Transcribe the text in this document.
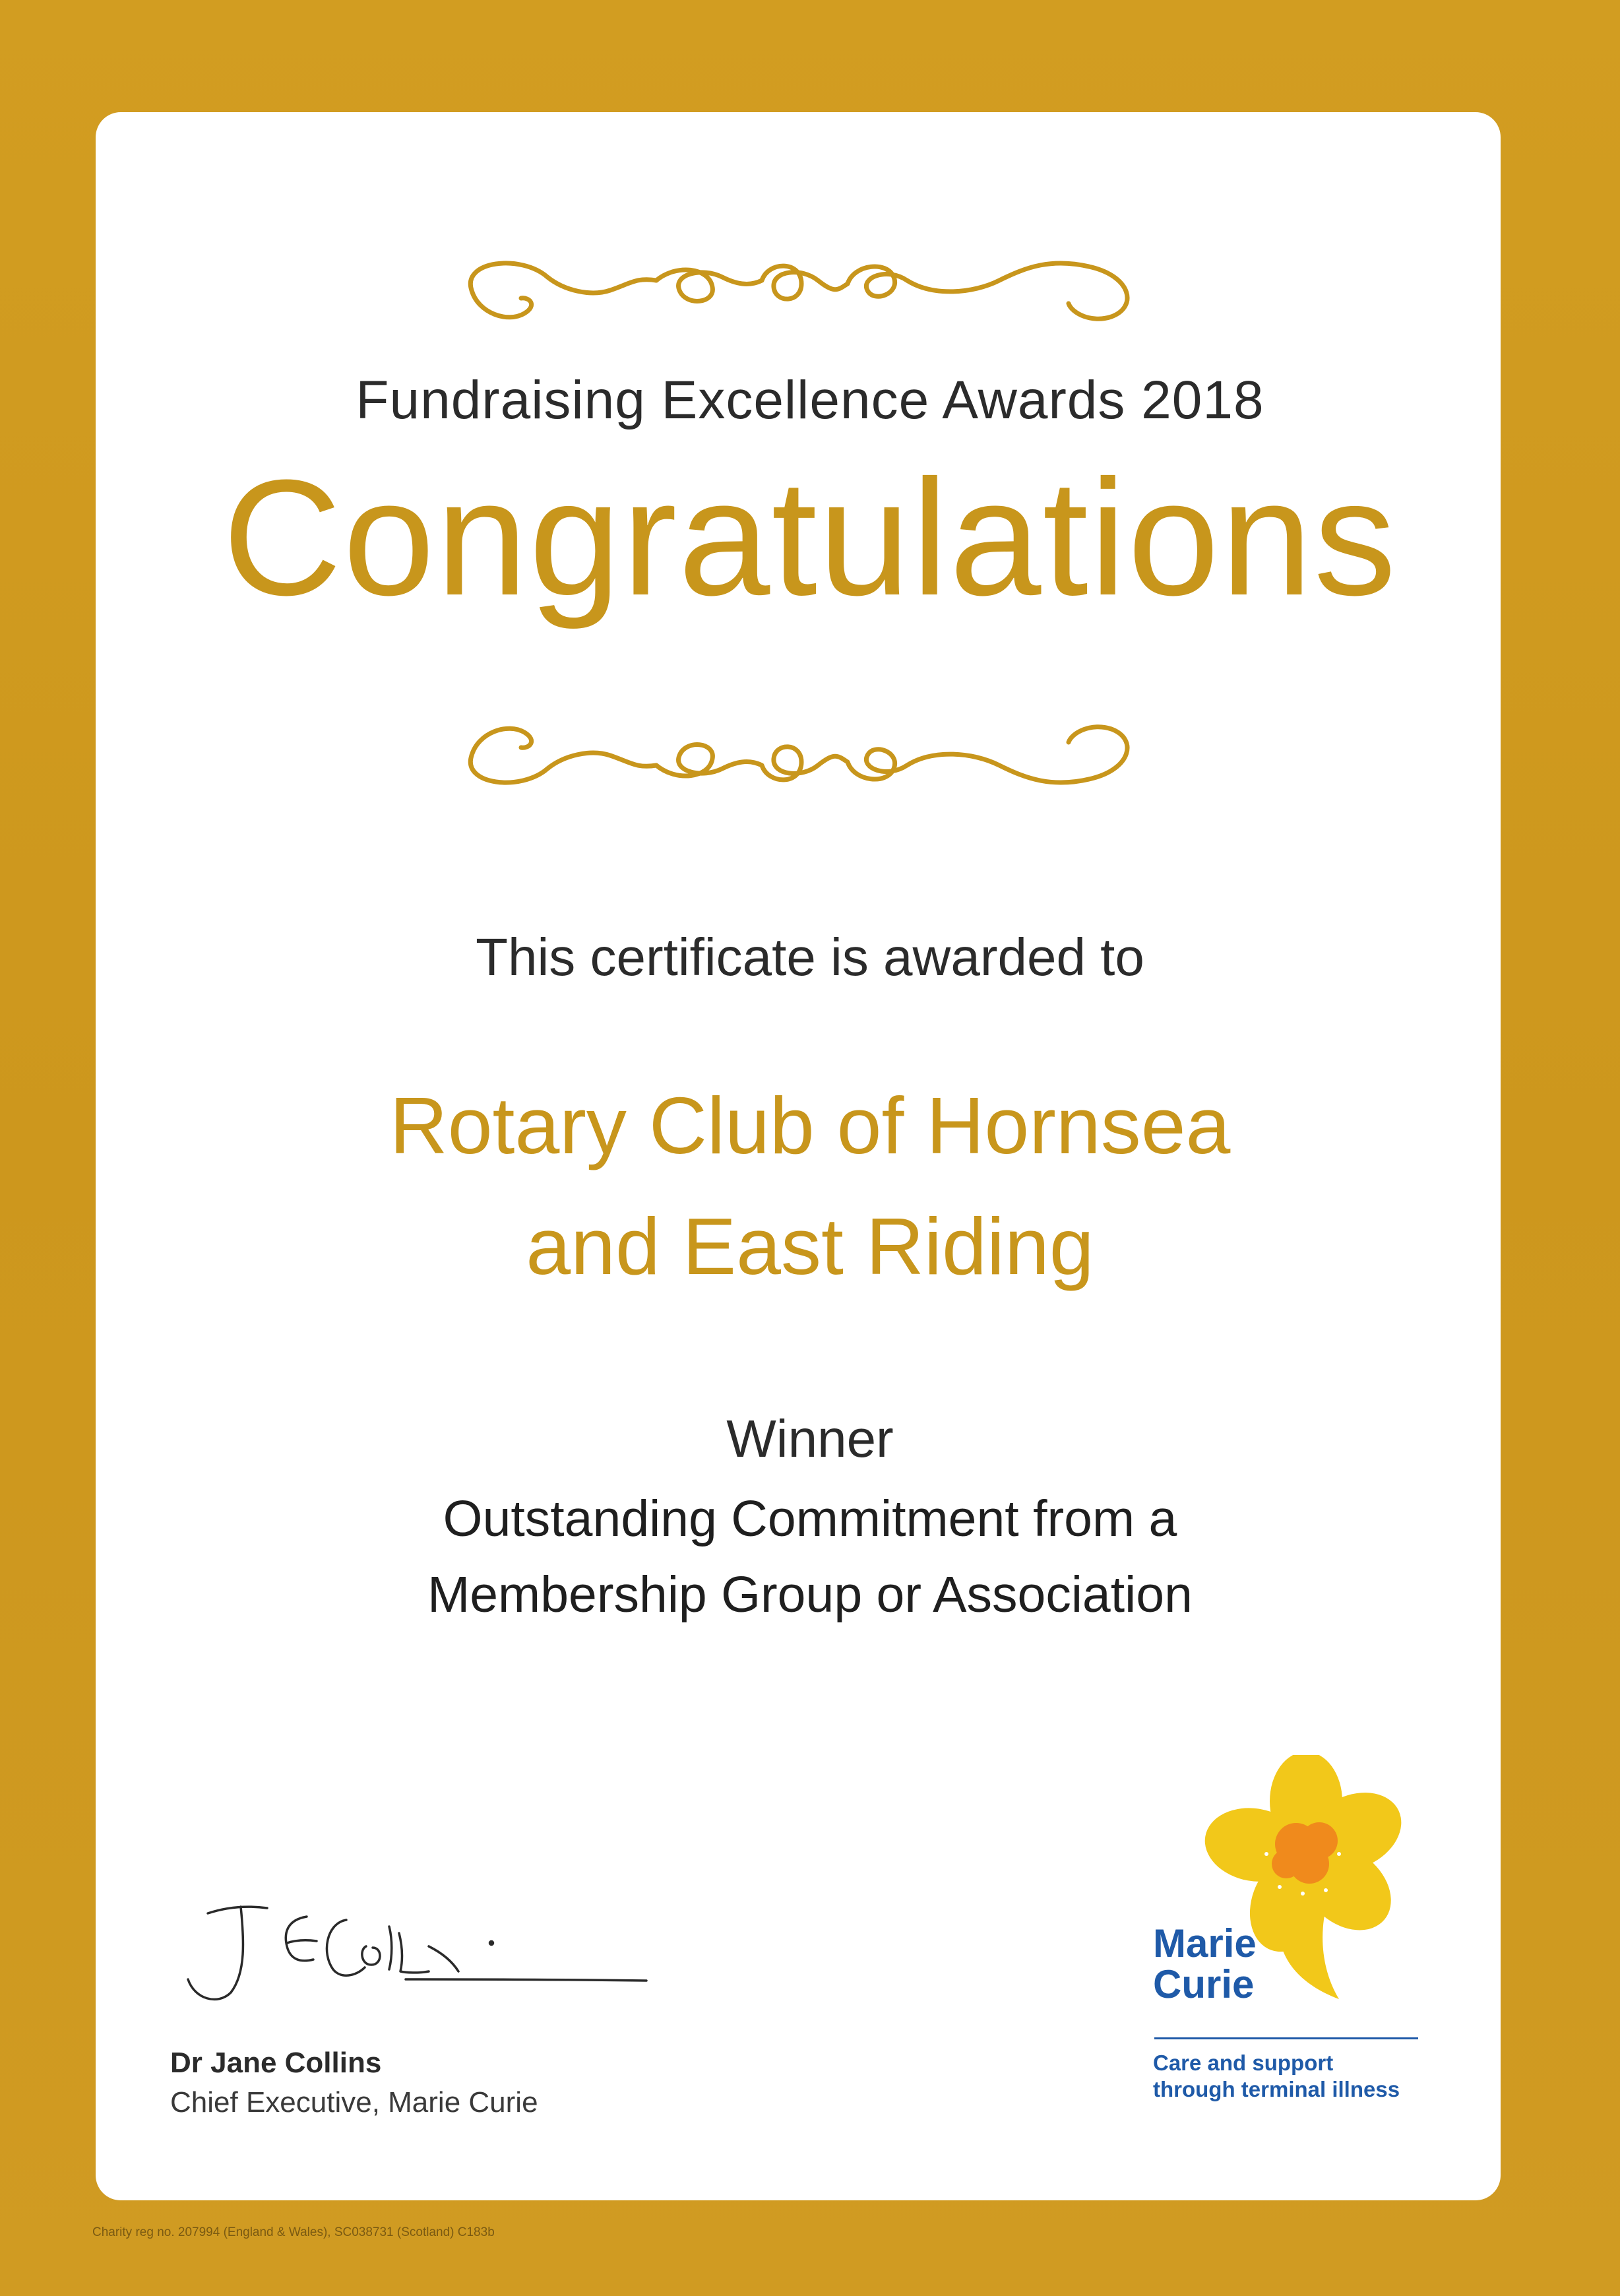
Fundraising Excellence Awards 2018

Congratulations

This certificate is awarded to

Rotary Club of Hornsea
and East Riding

Winner

Outstanding Commitment from a
Membership Group or Association
Dr Jane Collins
Chief Executive, Marie Curie
Marie
Curie
Care and support
through terminal illness
Charity reg no. 207994 (England & Wales), SC038731 (Scotland) C183b
